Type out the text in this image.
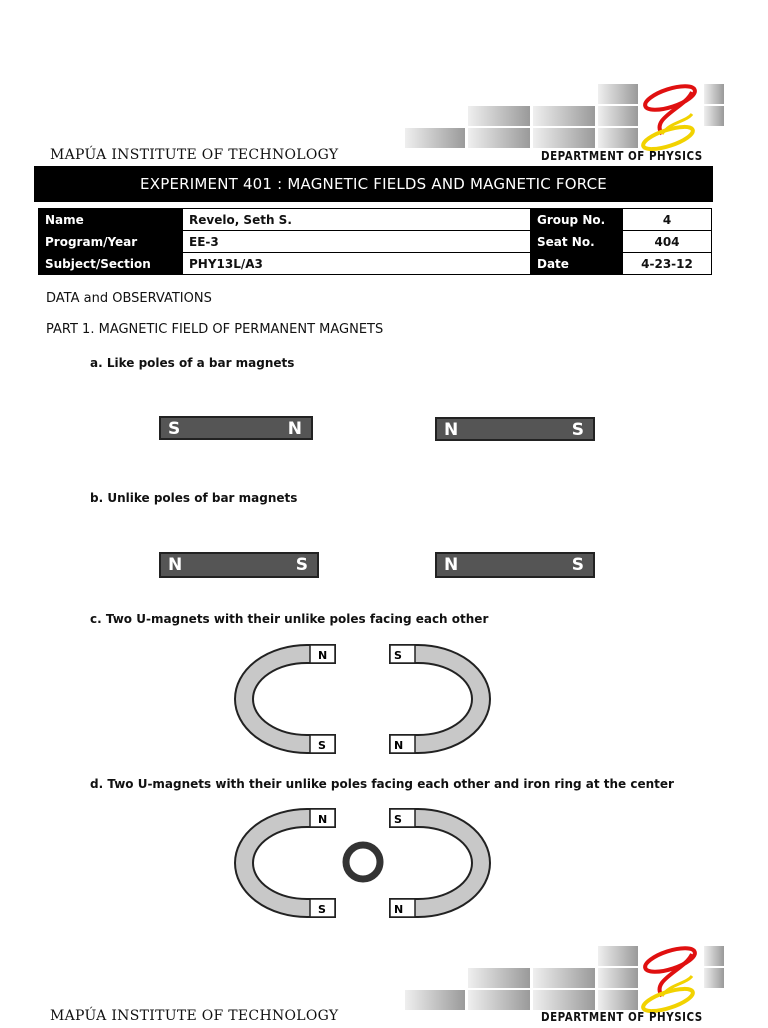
MAPÚA INSTITUTE OF TECHNOLOGY	DEPARTMENT OF PHYSICS
EXPERIMENT 401 : MAGNETIC FIELDS AND MAGNETIC FORCE
Name	Revelo, Seth S.	Group No.	4
Program/Year	EE-3	Seat No.	404
Subject/Section	PHY13L/A3	Date	4-23-12
DATA and OBSERVATIONS
PART 1. MAGNETIC FIELD OF PERMANENT MAGNETS
a. Like poles of a bar magnets
S	N	N	S
b. Unlike poles of bar magnets
N	S	N	S
c. Two U-magnets with their unlike poles facing each other
N
S
S
N
d. Two U-magnets with their unlike poles facing each other and iron ring at the center
N
S
S
N
MAPÚA INSTITUTE OF TECHNOLOGY	DEPARTMENT OF PHYSICS
